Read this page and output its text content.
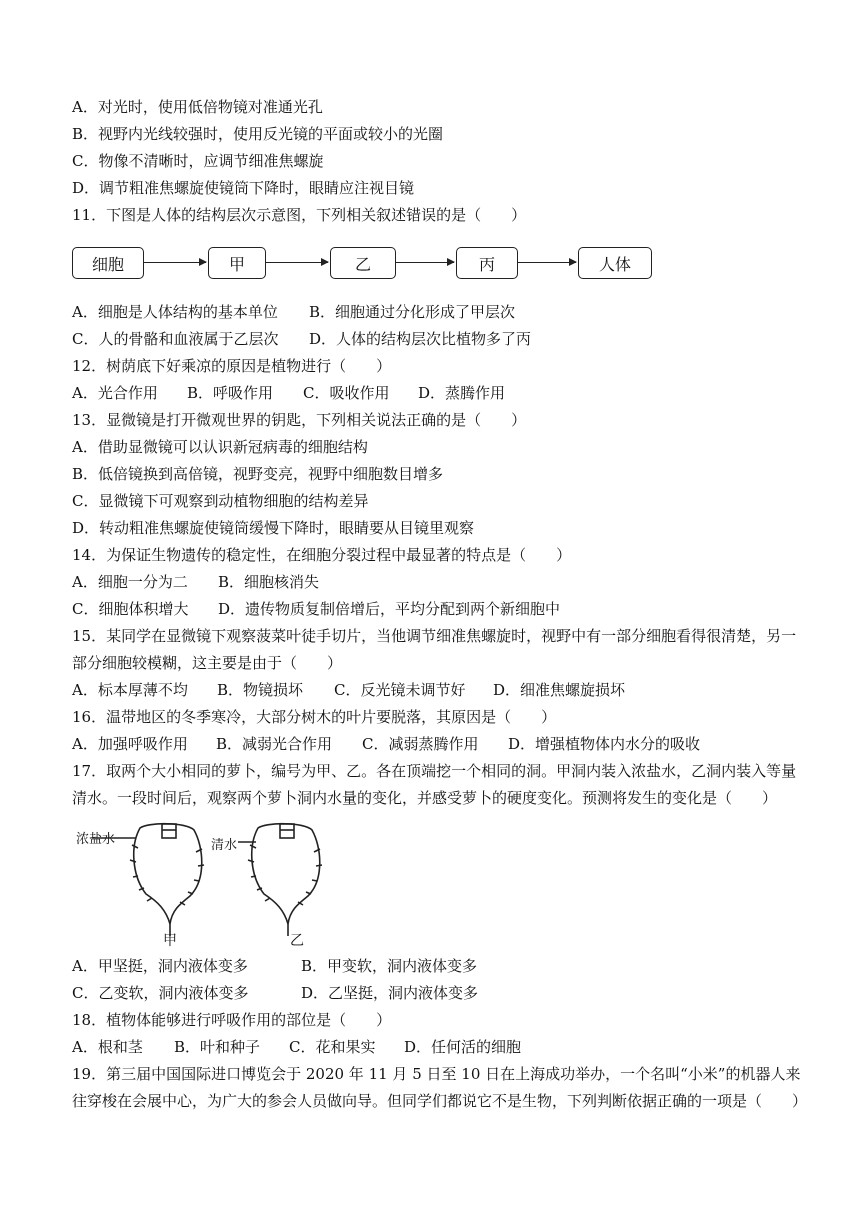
A．对光时，使用低倍物镜对准通光孔
B．视野内光线较强时，使用反光镜的平面或较小的光圈
C．物像不清晰时，应调节细准焦螺旋
D．调节粗准焦螺旋使镜筒下降时，眼睛应注视目镜
11．下图是人体的结构层次示意图，下列相关叙述错误的是（　　）
细胞	甲	乙	丙	人体
A．细胞是人体结构的基本单位 B．细胞通过分化形成了甲层次
C．人的骨骼和血液属于乙层次 D．人体的结构层次比植物多了丙
12．树荫底下好乘凉的原因是植物进行（　　）
A．光合作用 B．呼吸作用 C．吸收作用 D．蒸腾作用
13．显微镜是打开微观世界的钥匙，下列相关说法正确的是（　　）
A．借助显微镜可以认识新冠病毒的细胞结构
B．低倍镜换到高倍镜，视野变亮，视野中细胞数目增多
C．显微镜下可观察到动植物细胞的结构差异
D．转动粗准焦螺旋使镜筒缓慢下降时，眼睛要从目镜里观察
14．为保证生物遗传的稳定性，在细胞分裂过程中最显著的特点是（　　）
A．细胞一分为二 B．细胞核消失
C．细胞体积增大 D．遗传物质复制倍增后，平均分配到两个新细胞中
15．某同学在显微镜下观察菠菜叶徒手切片，当他调节细准焦螺旋时，视野中有一部分细胞看得很清楚，另一
部分细胞较模糊，这主要是由于（　　）
A．标本厚薄不均 B．物镜损坏 C．反光镜未调节好 D．细准焦螺旋损坏
16．温带地区的冬季寒冷，大部分树木的叶片要脱落，其原因是（　　）
A．加强呼吸作用 B．减弱光合作用 C．减弱蒸腾作用 D．增强植物体内水分的吸收
17．取两个大小相同的萝卜，编号为甲、乙。各在顶端挖一个相同的洞。甲洞内装入浓盐水，乙洞内装入等量
清水。一段时间后，观察两个萝卜洞内水量的变化，并感受萝卜的硬度变化。预测将发生的变化是（　　）
浓盐水	清水
甲	乙
A．甲坚挺，洞内液体变多	B．甲变软，洞内液体变多
C．乙变软，洞内液体变多	D．乙坚挺，洞内液体变多
18．植物体能够进行呼吸作用的部位是（　　）
A．根和茎 B．叶和种子 C．花和果实 D．任何活的细胞
19．第三届中国国际进口博览会于 2020 年 11 月 5 日至 10 日在上海成功举办，一个名叫“小米”的机器人来
往穿梭在会展中心，为广大的参会人员做向导。但同学们都说它不是生物，下列判断依据正确的一项是（　　）
